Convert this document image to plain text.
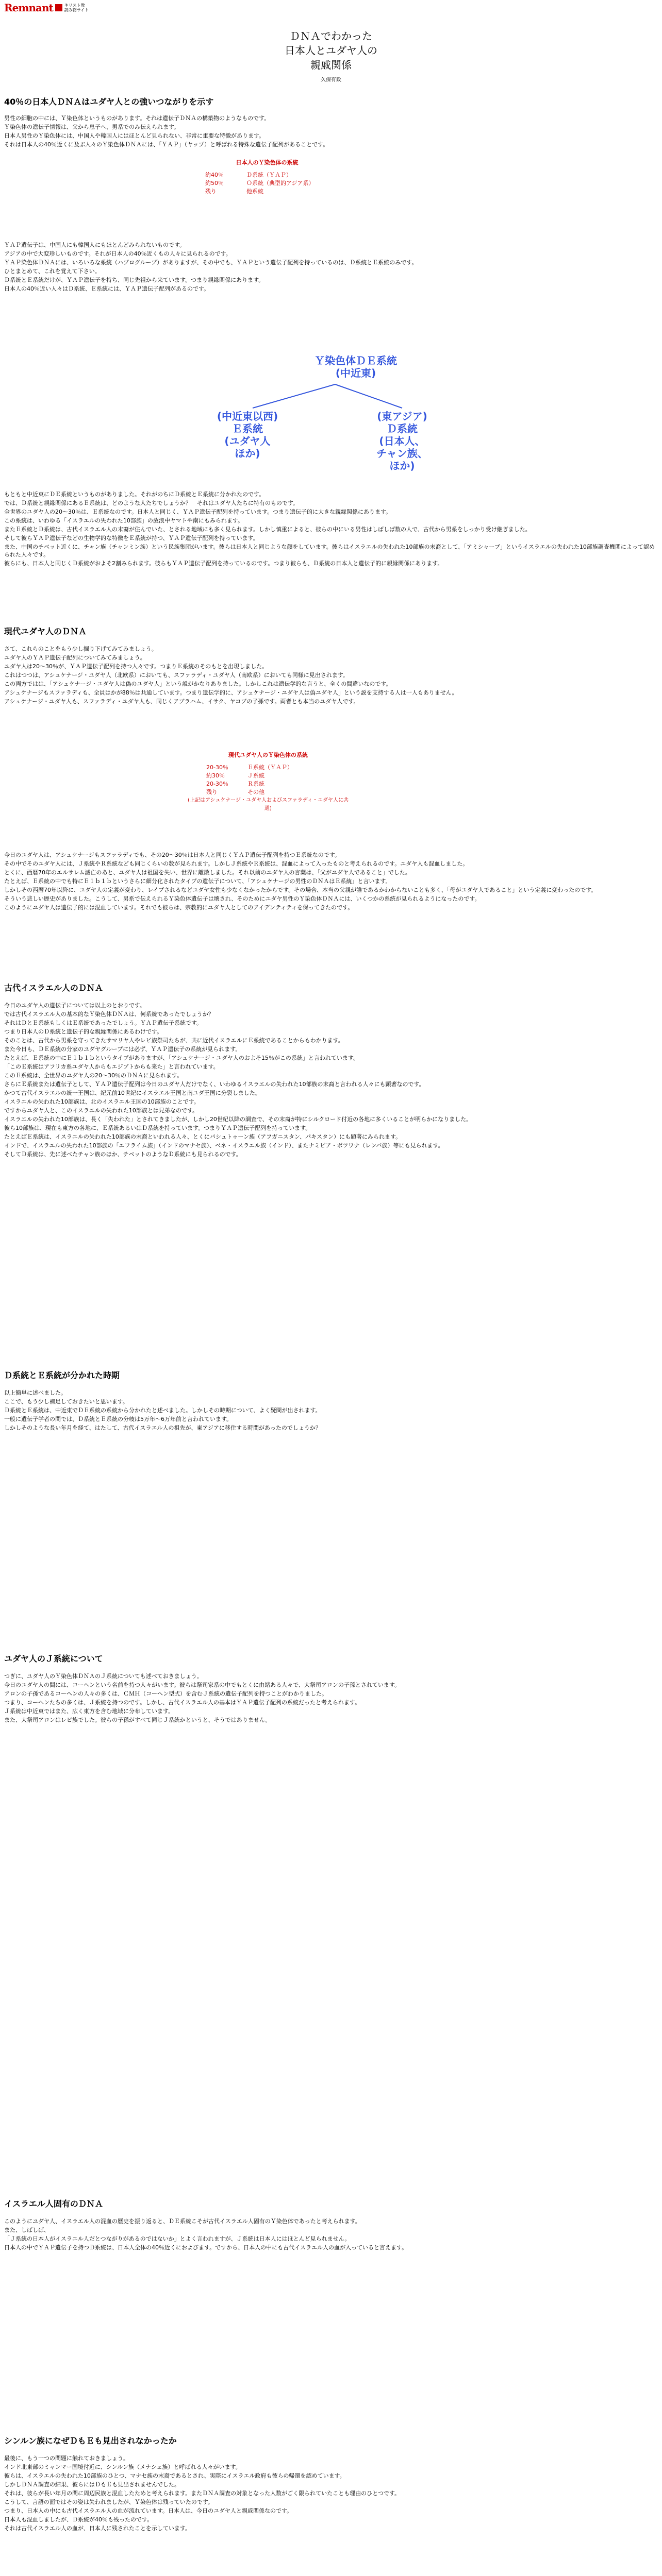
Remnant	キリスト教
読み物サイト
ＤＮＡでわかった
日本人とユダヤ人の
親戚関係
久保有政
40％の日本人ＤＮＡはユダヤ人との強いつながりを示す

男性の細胞の中には、Ｙ染色体というものがあります。それは遺伝子ＤＮＡの構築物のようなものです。

Ｙ染色体の遺伝子情報は、父から息子へ、男系でのみ伝えられます。

日本人男性のＹ染色体には、中国人や韓国人にはほとんど見られない、非常に重要な特徴があります。

それは日本人の40％近くに及ぶ人々のＹ染色体ＤＮＡには、「ＹＡＰ」（ヤップ）と呼ばれる特殊な遺伝子配列があることです。

日本人のＹ染色体の系統
約40％	Ｄ系統（ＹＡＰ）
約50％	Ｏ系統（典型的アジア系）
残り	他系統

ＹＡＰ遺伝子は、中国人にも韓国人にもほとんどみられないものです。

アジアの中で大変珍しいものです。それが日本人の40％近くもの人々に見られるのです。

ＹＡＰ染色体ＤＮＡには、いろいろな系統（ハプログループ）がありますが、その中でも、ＹＡＰという遺伝子配列を持っているのは、Ｄ系統とＥ系統のみです。

ひとまとめて、これを覚えて下さい。

Ｄ系統とＥ系統だけが、ＹＡＰ遺伝子を持ち、同じ先祖から来ています。つまり親縁関係にあります。

日本人の40％近い人々はＤ系統、Ｅ系統には、ＹＡＰ遺伝子配列があるのです。

Ｙ染色体ＤＥ系統
(中近東)
(中近東以西)
Ｅ系統
(ユダヤ人
ほか)
(東アジア)
Ｄ系統
(日本人、
チャン族、
ほか)

もともと中近東にＤＥ系統というものがありました。それがのちにＤ系統とＥ系統に分かれたのです。

では、Ｄ系統と親縁関係にあるＥ系統は、どのような人たちでしょうか？　それはユダヤ人たちに特有のものです。

全世界のユダヤ人の20〜30％は、Ｅ系統なのです。日本人と同じく、ＹＡＰ遺伝子配列を持っています。つまり遺伝子的に大きな親縁関係にあります。

この系統は、いわゆる「イスラエルの失われた10部族」の放浪中ヤマトや南にもみられます。

またＥ系統とＤ系統は、古代イスラエル人の末裔が住んでいた、とされる地域にも多く見られます。しかし慎重によると、彼らの中にいる男性はしばしば数の人で、古代から男系をしっかり受け継ぎました。

そして彼らＹＡＰ遺伝子などの生物学的な特徴をＥ系統が持つ、ＹＡＰ遺伝子配列を持っています。

また、中国のチベット近くに、チャン族（チャンミン族）という民族集団がいます。彼らは日本人と同じような顔をしています。彼らはイスラエルの失われた10部族の末裔として、「アミシャーブ」というイスラエルの失われた10部族調査機関によって認められた人々です。

彼らにも、日本人と同じくＤ系統がおよそ2割みられます。彼らもＹＡＰ遺伝子配列を持っているのです。つまり彼らも、Ｄ系統の日本人と遺伝子的に親縁関係にあります。

現代ユダヤ人のＤＮＡ

さて、これらのことをもう少し掘り下げてみてみましょう。

ユダヤ人のＹＡＰ遺伝子配列についてみてみましょう。

ユダヤ人は20〜30％が、ＹＡＰ遺伝子配列を持つ人々です。つまりＥ系統のそのもとを出現しました。

これはつつは、アシュケナージ・ユダヤ人（北欧系）においても、スファラディ・ユダヤ人（南欧系）においても同様に見出されます。

この両方ではは、「アシュケナージ・ユダヤ人は偽のユダヤ人」という説がかなりありました。しかしこれは遺伝学的な言うと、全くの間違いなのです。

アシュケナージもスファラディも、全員はかが88％は共通しています。つまり遺伝学的に、アシュケナージ・ユダヤ人は偽ユダヤ人」という説を支持する人は一人もありません。

アシュケナージ・ユダヤ人も、スファラディ・ユダヤ人も、同じくアブラハム、イサク、ヤコブの子孫です。両者とも本当のユダヤ人です。

現代ユダヤ人のＹ染色体の系統
20-30％	Ｅ系統（ＹＡＰ）
約30％	Ｊ系統
20-30％	Ｒ系統
残り	その他
(上記はアシュケナージ・ユダヤ人およびスファラディ・ユダヤ人に共通)

今日のユダヤ人は、アシュケナージもスファラディでも、その20〜30％は日本人と同じくＹＡＰ遺伝子配列を持つＥ系統なのです。

その中でそのユダヤ人には、Ｊ系統やＲ系統なども同じくらいの数が見られます。しかしＪ系統やＲ系統は、混血によって入ったものと考えられるのです。ユダヤ人も混血しました。

とくに、西暦70年のエルサレム滅亡のあと、ユダヤ人は祖国を失い、世界に離散しました。それ以前のユダヤ人の言葉は、「父がユダヤ人であること」でした。

たとえば、Ｅ系統の中でも特にＥ１ｂ１ｂというさらに細分化されたタイプの遺伝子について、「アシュケナージの男性のＤＮＡはＥ系統」と言います。

しかしその西暦70年以降に、ユダヤ人の定義が変わり、レイプされるなどユダヤ女性も少なくなかったからです。その場合、本当の父親が誰であるかわからないことも多く、「母がユダヤ人であること」という定義に変わったのです。

そういう悲しい歴史がありました。こうして、男系で伝えられるＹ染色体遺伝子は壊され、そのためにユダヤ男性のＹ染色体ＤＮＡには、いくつかの系統が見られるようになったのです。

このようにユダヤ人は遺伝子的には混血しています。それでも彼らは、宗教的にユダヤ人としてのアイデンティティを保ってきたのです。

古代イスラエル人のＤＮＡ

今日のユダヤ人の遺伝子については以上のとおりです。

では古代イスラエル人の基本的なＹ染色体ＤＮＡは、何系統であったでしょうか？

それはＤとＥ系統もしくはＥ系統であったでしょう。ＹＡＰ遺伝子系統です。

つまり日本人のＤ系統と遺伝子的な親縁関係にあるわけです。

そのことは、古代から男系を守ってきたサマリヤ人やレビ族祭司たちが、共に近代イスラエルにＥ系統であることからもわかります。

また今日も、ＤＥ系統の分家のユダヤグループには必ず、ＹＡＰ遺伝子の系統が見られます。

たとえば、Ｅ系統の中にＥ１ｂ１ｂというタイプがありますが、「アシュケナージ・ユダヤ人のおよそ15％がこの系統」と言われています。

「このＥ系統はアフリカ系ユダヤ人からもエジプトからも来た」と言われています。

このＥ系統は、全世界のユダヤ人の20〜30％のＤＮＡに見られます。

さらにＥ系統または遺伝子として、ＹＡＰ遺伝子配列は今日のユダヤ人だけでなく、いわゆるイスラエルの失われた10部族の末裔と言われる人々にも顕著なのです。

かつて古代イスラエルの統一王国は、紀元前10世紀にイスラエル王国と南ユダ王国に分裂しました。

イスラエルの失われた10部族は、北のイスラエル王国の10部族のことです。

ですからユダヤ人と、このイスラエルの失われた10部族とは兄弟なのです。

イスラエルの失われた10部族は、長く「失われた」とされてきましたが、しかし20世紀以降の調査で、その末裔が特にシルクロード付近の各地に多くいることが明らかになりました。

彼ら10部族は、現在も東方の各地に、Ｅ系統あるいはＤ系統を持っています。つまりＹＡＰ遺伝子配列を持っています。

たとえばＥ系統は、イスラエルの失われた10部族の末裔といわれる人々、とくにパシュトゥーン族（アフガニスタン、パキスタン）にも顕著にみられます。

インドで、イスラエルの失われた10部族の「エフライム族」（インドのマナセ族）、ベネ・イスラエル族（インド）、またナミビア・ボツワナ（レンバ族）等にも見られます。

そしてＤ系統は、先に述べたチャン族のほか、チベットのようなＤ系統にも見られるのです。

Ｄ系統とＥ系統が分かれた時期

以上簡単に述べました。

ここで、もう少し補足しておきたいと思います。

Ｄ系統とＥ系統は、中近東でＤＥ系統の系統から分かれたと述べました。しかしその時期について、よく疑問が出されます。

一般に遺伝子学者の間では、Ｄ系統とＥ系統の分岐は5万年〜6万年前と言われています。

しかしそのような長い年月を経て、はたして、古代イスラエル人の祖先が、東アジアに移住する時間があったのでしょうか？

ユダヤ人のＪ系統について

つぎに、ユダヤ人のＹ染色体ＤＮＡのＪ系統についても述べておきましょう。

今日のユダヤ人の間には、コーヘンという名前を持つ人々がいます。彼らは祭司家系の中でもとくに由緒ある人々で、大祭司アロンの子孫とされています。

アロンの子孫であるコーヘンの人々の多くは、ＣＭＨ（コーヘン型式）を含むＪ系統の遺伝子配列を持つことがわかりました。

つまり、コーヘンたちの多くは、Ｊ系統を持つのです。しかし、古代イスラエル人の基本はＹＡＰ遺伝子配列の系統だったと考えられます。

Ｊ系統は中近東ではまた、広く東方を含む地域に分布しています。

また、大祭司アロンはレビ族でした。彼らの子孫がすべて同じＪ系統かというと、そうではありません。

イスラエル人固有のＤＮＡ

このようにユダヤ人、イスラエル人の混血の歴史を振り返ると、ＤＥ系統こそが古代イスラエル人固有のＹ染色体であったと考えられます。

また、しばしば、

「Ｊ系統の日本人がイスラエル人だとつながりがあるのではないか」とよく言われますが、Ｊ系統は日本人にはほとんど見られません。

日本人の中でＹＡＰ遺伝子を持つＤ系統は、日本人全体の40％近くにおよびます。ですから、日本人の中にも古代イスラエル人の血が入っていると言えます。

シンルン族になぜＤもＥも見出されなかったか

最後に、もう一つの問題に触れておきましょう。

インド北東部のミャンマー国境付近に、シンルン族（メナシェ族）と呼ばれる人々がいます。

彼らは、イスラエルの失われた10部族のひとつ、マナセ族の末裔であるとされ、実際にイスラエル政府も彼らの帰還を認めています。

しかしＤＮＡ調査の結果、彼らにはＤもＥも見出されませんでした。

それは、彼らが長い年月の間に周辺民族と混血したためと考えられます。またＤＮＡ調査の対象となった人数がごく限られていたことも理由のひとつです。

こうして、言語の面ではその姿は失われましたが、Ｙ染色体は残っていたのです。

つまり、日本人の中にも古代イスラエル人の血が流れています。日本人は、今日のユダヤ人と親戚関係なのです。

日本人も混血しましたが、Ｄ系統が40％も残ったのです。

それは古代イスラエル人の血が、日本人に残されたことを示しています。
